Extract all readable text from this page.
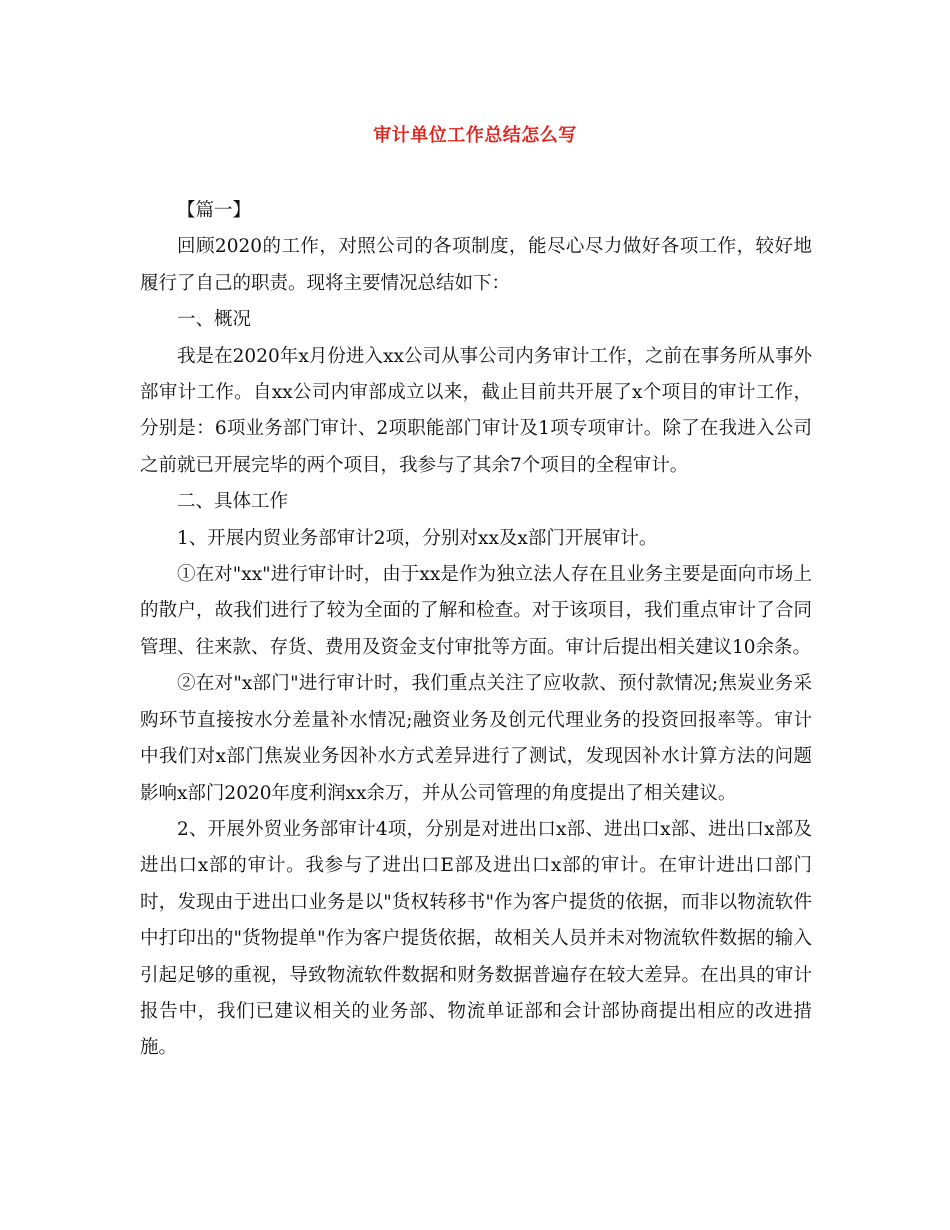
审计单位工作总结怎么写

【篇一】

回顾2020的工作，对照公司的各项制度，能尽心尽力做好各项工作，较好地履行了自己的职责。现将主要情况总结如下：

一、概况

我是在2020年x月份进入xx公司从事公司内务审计工作，之前在事务所从事外部审计工作。自xx公司内审部成立以来，截止目前共开展了x个项目的审计工作，分别是：6项业务部门审计、2项职能部门审计及1项专项审计。除了在我进入公司之前就已开展完毕的两个项目，我参与了其余7个项目的全程审计。

二、具体工作

1、开展内贸业务部审计2项，分别对xx及x部门开展审计。

①在对"xx"进行审计时，由于xx是作为独立法人存在且业务主要是面向市场上的散户，故我们进行了较为全面的了解和检查。对于该项目，我们重点审计了合同管理、往来款、存货、费用及资金支付审批等方面。审计后提出相关建议10余条。

②在对"x部门"进行审计时，我们重点关注了应收款、预付款情况;焦炭业务采购环节直接按水分差量补水情况;融资业务及创元代理业务的投资回报率等。审计中我们对x部门焦炭业务因补水方式差异进行了测试，发现因补水计算方法的问题影响x部门2020年度利润xx余万，并从公司管理的角度提出了相关建议。

2、开展外贸业务部审计4项，分别是对进出口x部、进出口x部、进出口x部及进出口x部的审计。我参与了进出口E部及进出口x部的审计。在审计进出口部门时，发现由于进出口业务是以"货权转移书"作为客户提货的依据，而非以物流软件中打印出的"货物提单"作为客户提货依据，故相关人员并未对物流软件数据的输入引起足够的重视，导致物流软件数据和财务数据普遍存在较大差异。在出具的审计报告中，我们已建议相关的业务部、物流单证部和会计部协商提出相应的改进措施。
